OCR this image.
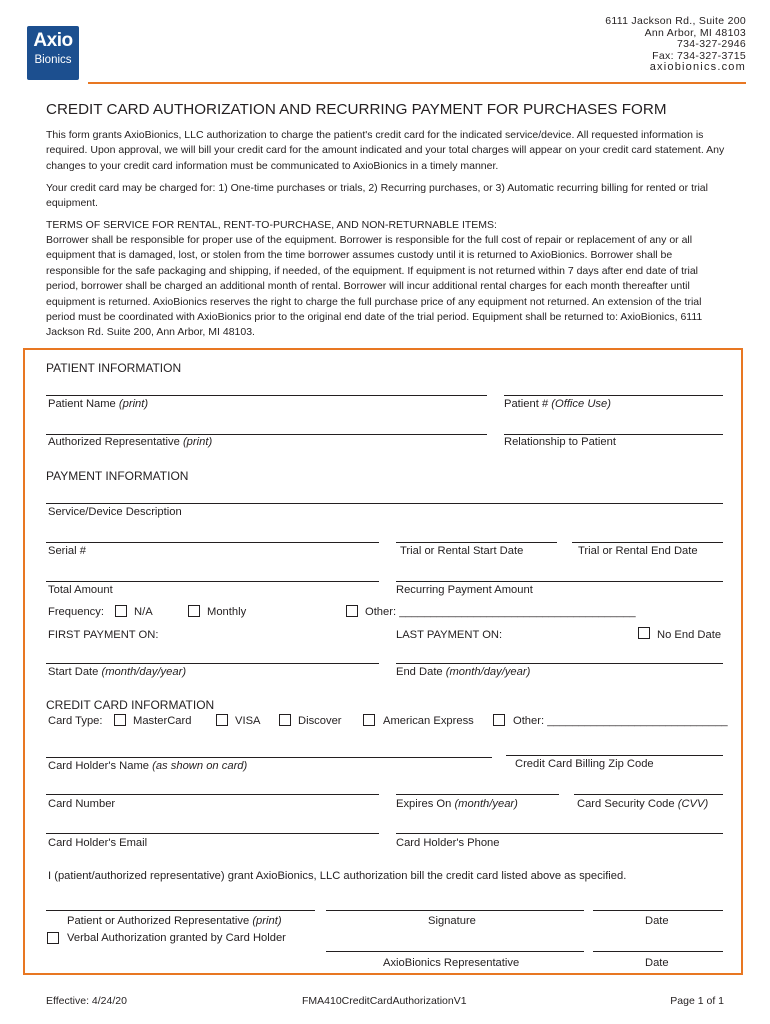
Axio
Bionics
6111 Jackson Rd., Suite 200
Ann Arbor, MI 48103
734-327-2946
Fax: 734-327-3715
axiobionics.com
CREDIT CARD AUTHORIZATION AND RECURRING PAYMENT FOR PURCHASES FORM

This form grants AxioBionics, LLC authorization to charge the patient's credit card for the indicated service/device. All requested information is required. Upon approval, we will bill your credit card for the amount indicated and your total charges will appear on your credit card statement. Any changes to your credit card information must be communicated to AxioBionics in a timely manner.

Your credit card may be charged for: 1) One-time purchases or trials, 2) Recurring purchases, or 3) Automatic recurring billing for rented or trial equipment.

TERMS OF SERVICE FOR RENTAL, RENT-TO-PURCHASE, AND NON-RETURNABLE ITEMS:

Borrower shall be responsible for proper use of the equipment. Borrower is responsible for the full cost of repair or replacement of any or all equipment that is damaged, lost, or stolen from the time borrower assumes custody until it is returned to AxioBionics. Borrower shall be responsible for the safe packaging and shipping, if needed, of the equipment. If equipment is not returned within 7 days after end date of trial period, borrower shall be charged an additional month of rental. Borrower will incur additional rental charges for each month thereafter until equipment is returned. AxioBionics reserves the right to charge the full purchase price of any equipment not returned. An extension of the trial period must be coordinated with AxioBionics prior to the original end date of the trial period. Equipment shall be returned to: AxioBionics, 6111 Jackson Rd. Suite 200, Ann Arbor, MI 48103.

PATIENT INFORMATION
Patient Name (print)	Patient # (Office Use)
Authorized Representative (print)	Relationship to Patient
PAYMENT INFORMATION
Service/Device Description
Serial #	Trial or Rental Start Date	Trial or Rental End Date
Total Amount	Recurring Payment Amount
Frequency:	N/A	Monthly	Other: ______________________________________
FIRST PAYMENT ON:	LAST PAYMENT ON:	No End Date
Start Date (month/day/year)	End Date (month/day/year)
CREDIT CARD INFORMATION
Card Type:	MasterCard	VISA	Discover	American Express	Other: _____________________________
Card Holder's Name (as shown on card)	Credit Card Billing Zip Code
Card Number	Expires On (month/year)	Card Security Code (CVV)
Card Holder's Email	Card Holder's Phone
I (patient/authorized representative) grant AxioBionics, LLC authorization bill the credit card listed above as specified.
Patient or Authorized Representative (print)	Signature	Date
Verbal Authorization granted by Card Holder
AxioBionics Representative	Date
Effective: 4/24/20	FMA410CreditCardAuthorizationV1	Page 1 of 1
